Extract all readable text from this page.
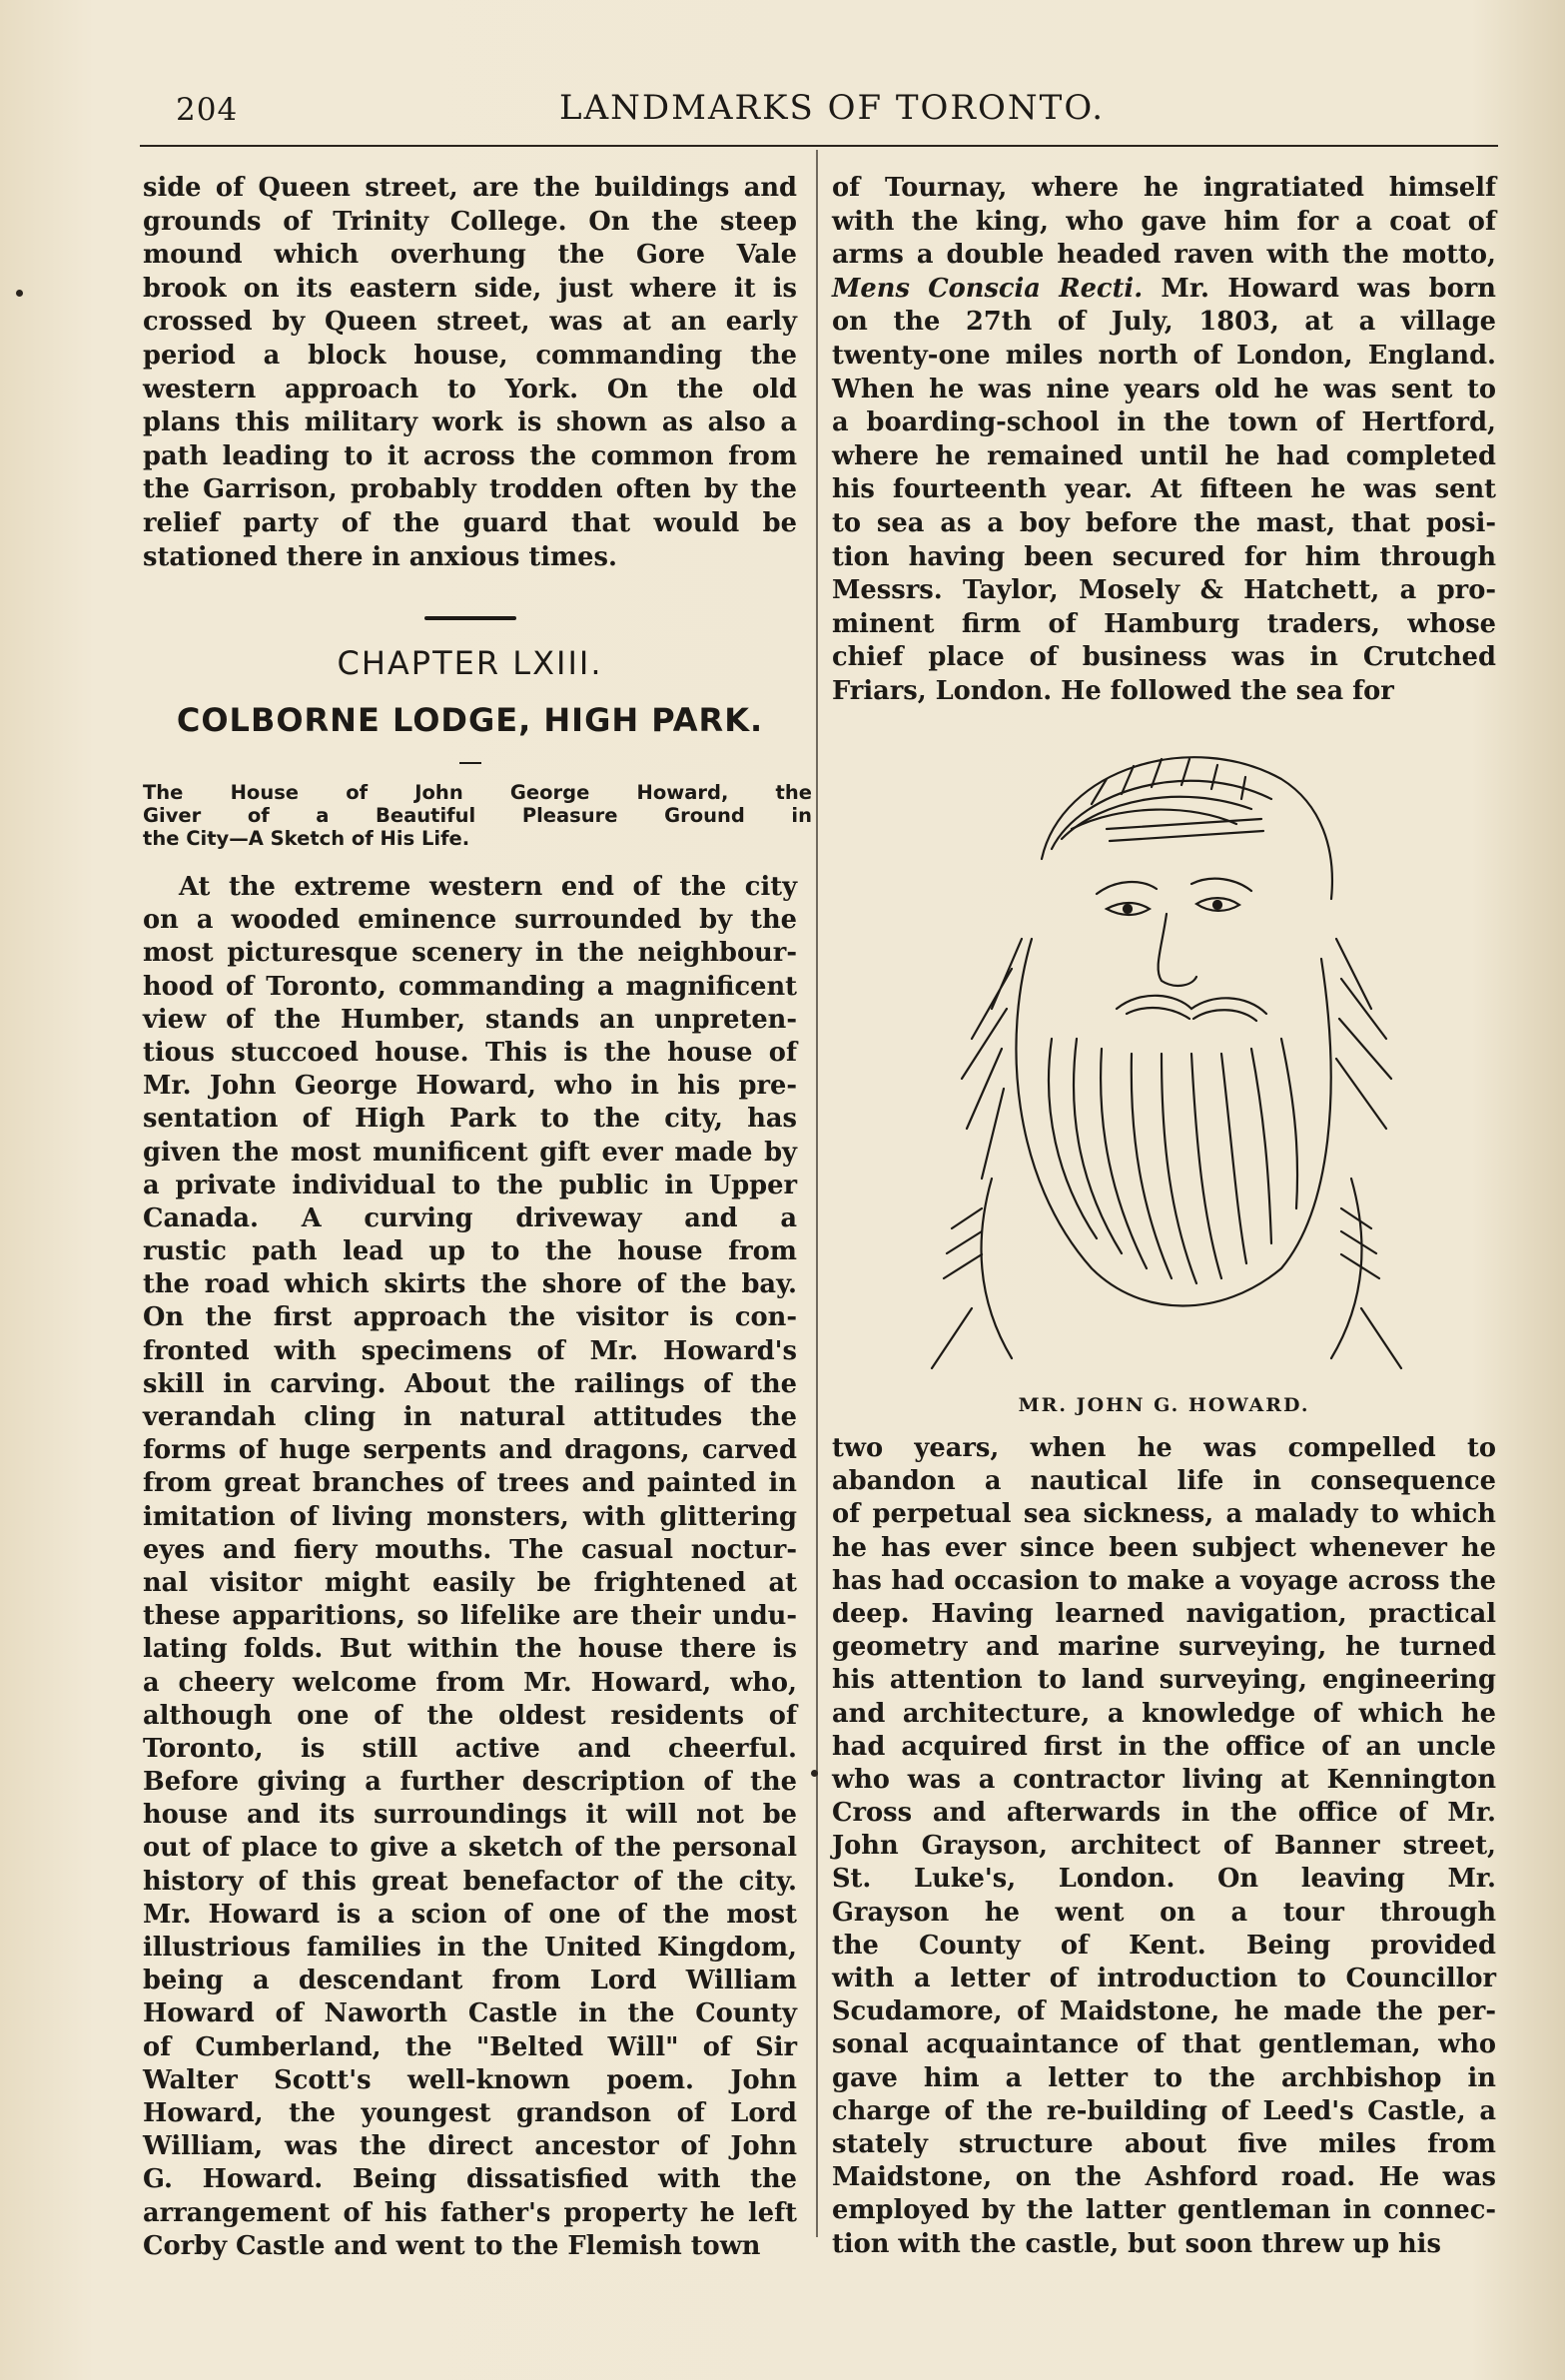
204	LANDMARKS OF TORONTO.
side of Queen street, are the buildings and
grounds of Trinity College. On the steep
mound which overhung the Gore Vale
brook on its eastern side, just where it is
crossed by Queen street, was at an early
period a block house, commanding the
western approach to York. On the old
plans this military work is shown as also a
path leading to it across the common from
the Garrison, probably trodden often by the
relief party of the guard that would be
stationed there in anxious times.
CHAPTER LXIII.
COLBORNE LODGE, HIGH PARK.
The House of John George Howard, the
Giver of a Beautiful Pleasure Ground in
the City—A Sketch of His Life.
At the extreme western end of the city
on a wooded eminence surrounded by the
most picturesque scenery in the neighbour-
hood of Toronto, commanding a magnificent
view of the Humber, stands an unpreten-
tious stuccoed house. This is the house of
Mr. John George Howard, who in his pre-
sentation of High Park to the city, has
given the most munificent gift ever made by
a private individual to the public in Upper
Canada. A curving driveway and a
rustic path lead up to the house from
the road which skirts the shore of the bay.
On the first approach the visitor is con-
fronted with specimens of Mr. Howard's
skill in carving. About the railings of the
verandah cling in natural attitudes the
forms of huge serpents and dragons, carved
from great branches of trees and painted in
imitation of living monsters, with glittering
eyes and fiery mouths. The casual noctur-
nal visitor might easily be frightened at
these apparitions, so lifelike are their undu-
lating folds. But within the house there is
a cheery welcome from Mr. Howard, who,
although one of the oldest residents of
Toronto, is still active and cheerful.
Before giving a further description of the
house and its surroundings it will not be
out of place to give a sketch of the personal
history of this great benefactor of the city.
Mr. Howard is a scion of one of the most
illustrious families in the United Kingdom,
being a descendant from Lord William
Howard of Naworth Castle in the County
of Cumberland, the "Belted Will" of Sir
Walter Scott's well-known poem. John
Howard, the youngest grandson of Lord
William, was the direct ancestor of John
G. Howard. Being dissatisfied with the
arrangement of his father's property he left
Corby Castle and went to the Flemish town
of Tournay, where he ingratiated himself
with the king, who gave him for a coat of
arms a double headed raven with the motto,
Mens Conscia Recti. Mr. Howard was born
on the 27th of July, 1803, at a village
twenty-one miles north of London, England.
When he was nine years old he was sent to
a boarding-school in the town of Hertford,
where he remained until he had completed
his fourteenth year. At fifteen he was sent
to sea as a boy before the mast, that posi-
tion having been secured for him through
Messrs. Taylor, Mosely & Hatchett, a pro-
minent firm of Hamburg traders, whose
chief place of business was in Crutched
Friars, London. He followed the sea for
MR. JOHN G. HOWARD.
two years, when he was compelled to
abandon a nautical life in consequence
of perpetual sea sickness, a malady to which
he has ever since been subject whenever he
has had occasion to make a voyage across the
deep. Having learned navigation, practical
geometry and marine surveying, he turned
his attention to land surveying, engineering
and architecture, a knowledge of which he
had acquired first in the office of an uncle
who was a contractor living at Kennington
Cross and afterwards in the office of Mr.
John Grayson, architect of Banner street,
St. Luke's, London. On leaving Mr.
Grayson he went on a tour through
the County of Kent. Being provided
with a letter of introduction to Councillor
Scudamore, of Maidstone, he made the per-
sonal acquaintance of that gentleman, who
gave him a letter to the archbishop in
charge of the re-building of Leed's Castle, a
stately structure about five miles from
Maidstone, on the Ashford road. He was
employed by the latter gentleman in connec-
tion with the castle, but soon threw up his
